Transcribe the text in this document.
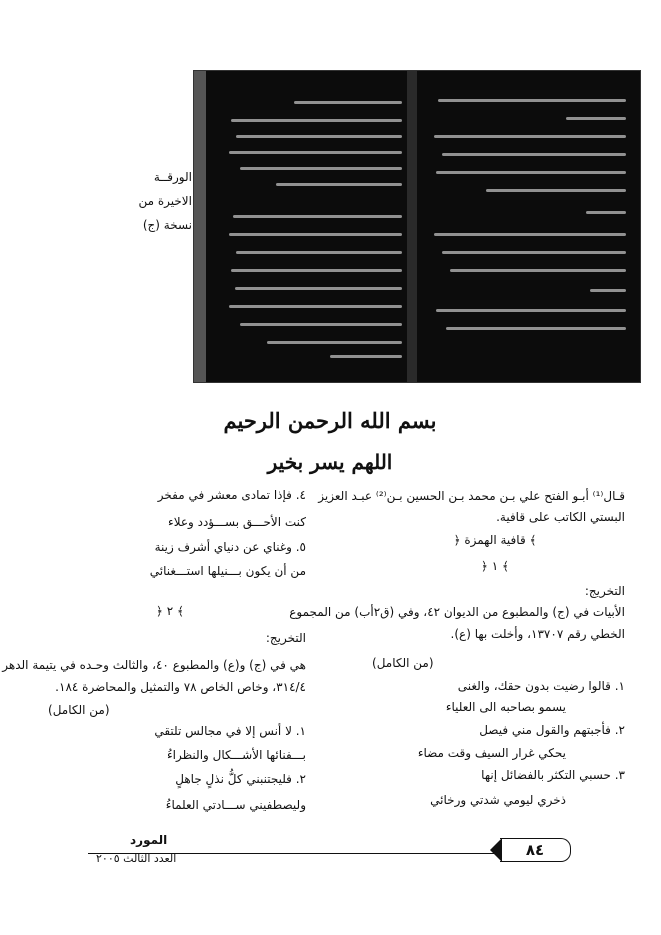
الورقــة الاخيرة من
نسخة (ج)
بسم الله الرحمن الرحيم
اللهم يسر بخير
قـال⁽¹⁾ أبـو الفتح علي بـن محمد بـن الحسين بـن⁽²⁾ عبـد العزيز
البستي الكاتب على قافية.
﴿ قافية الهمزة ﴾
﴿ ١ ﴾
التخريج:
الأبيات في (ج) والمطبوع من الديوان ٤٢، وفي (ق٢أب) من المجموع
الخطي رقم ١٣٧٠٧، وأخلت بها (ع).
(من الكامل)
١. قالوا رضيت بدون حقك، والغنى
يسمو بصاحبه الى العلياء
٢. فأجبتهم والقول مني فيصل
يحكي غرار السيف وقت مضاء
٣. حسبي التكثر بالفضائل إنها
ذخري ليومي شدتي ورخائي
٤. فإذا تمادى معشر في مفخر
كنت الأحـــق بســـؤدد وعلاء
٥. وغناي عن دنياي أشرف زينة
من أن يكون بـــنيلها استـــغنائي
﴿ ٢ ﴾
التخريج:
هي في (ج) و(ع) والمطبوع ٤٠، والثالث وحـده في يتيمة الدهر
٣١٤/٤، وخاص الخاص ٧٨ والتمثيل والمحاضرة ١٨٤.
(من الكامل)
١. لا أنس إلا في مجالس تلتقي
بـــفنائها الأشـــكال والنظراءُ
٢. فليجتنبني كلُّ نذلٍ جاهلٍ
وليصطفيني ســـادتي العلماءُ
٨٤
المورد
العدد الثالث ٢٠٠٥
